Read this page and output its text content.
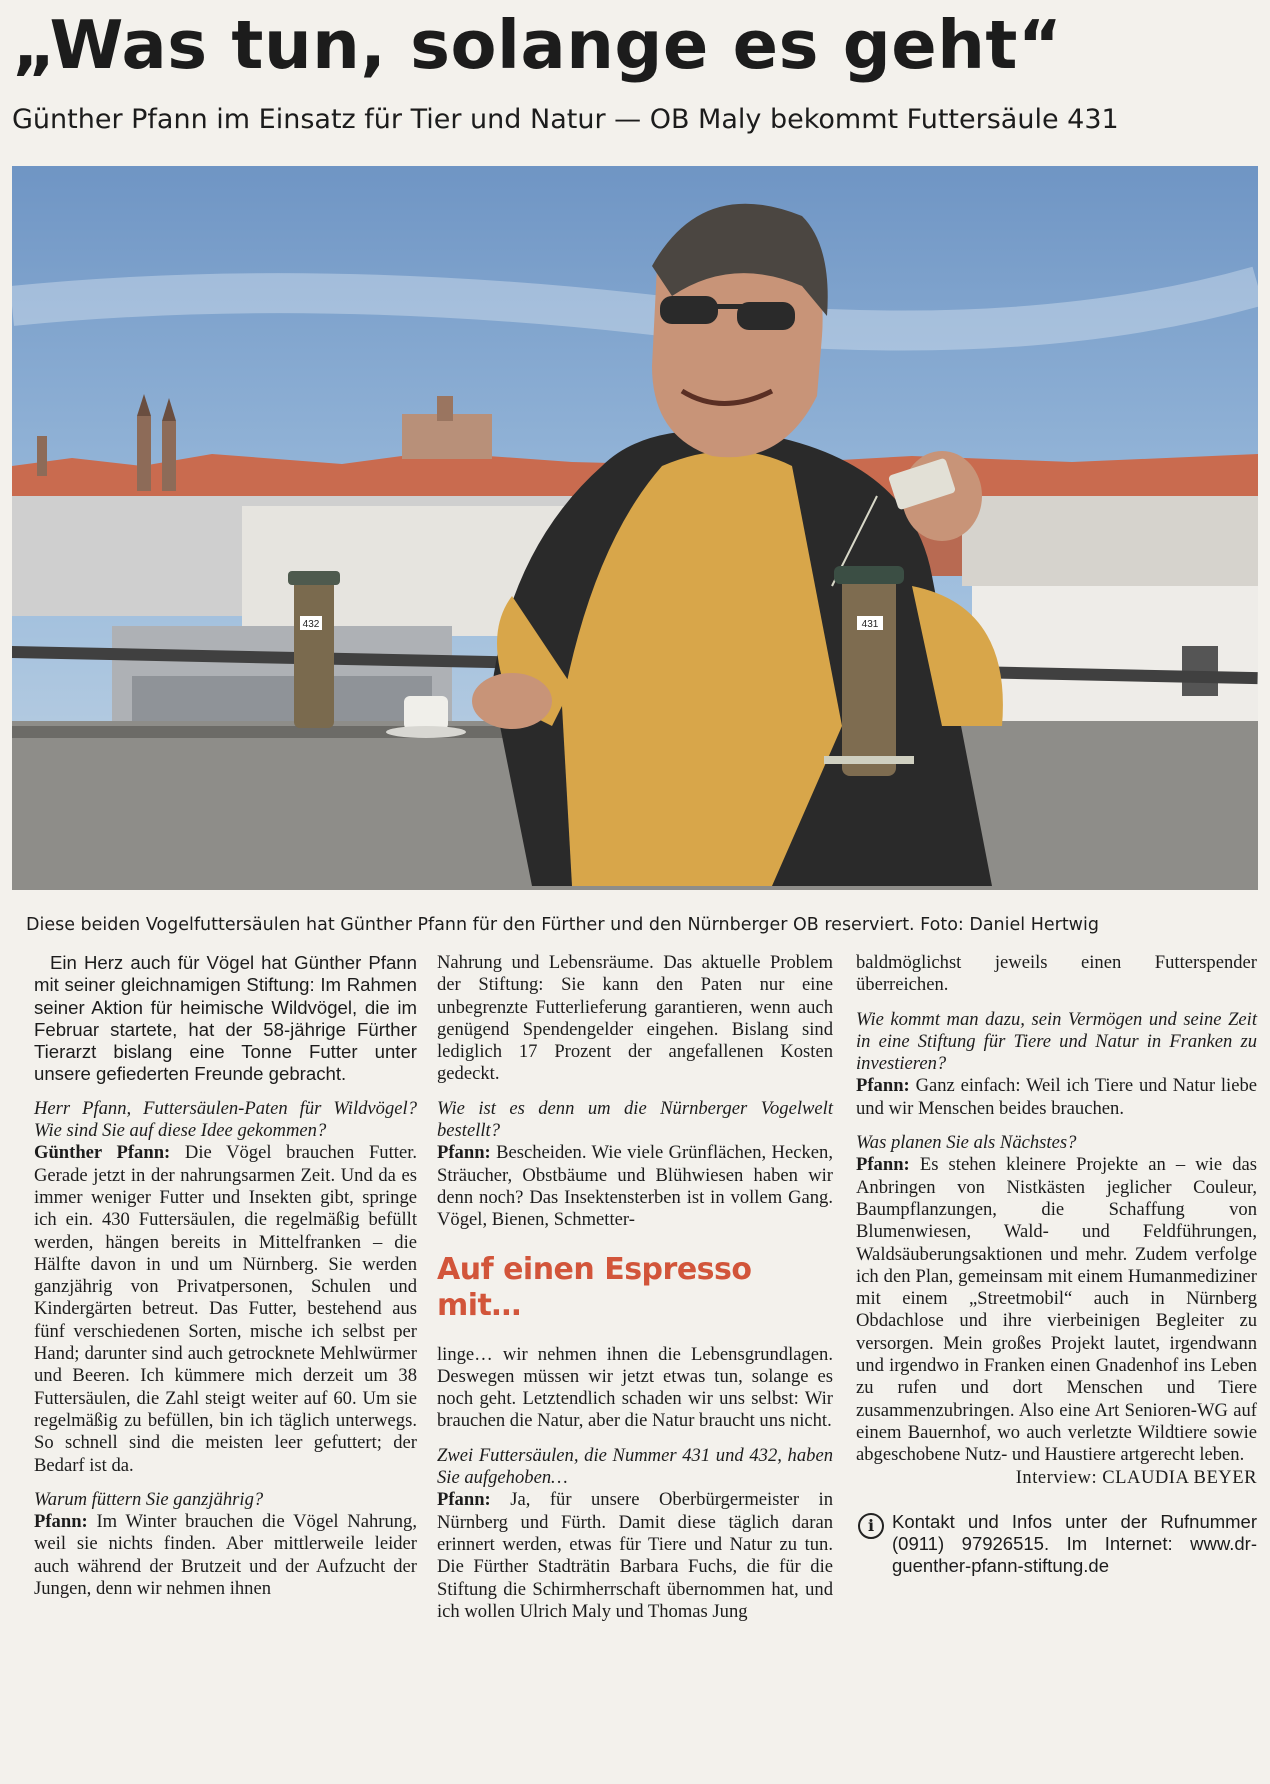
„Was tun, solange es geht“
Günther Pfann im Einsatz für Tier und Natur — OB Maly bekommt Futtersäule 431
432	431
Diese beiden Vogelfuttersäulen hat Günther Pfann für den Fürther und den Nürnberger OB reserviert. Foto: Daniel Hertwig

Ein Herz auch für Vögel hat Günther Pfann mit seiner gleichnamigen Stiftung: Im Rahmen seiner Aktion für heimische Wildvögel, die im Februar startete, hat der 58-jährige Fürther Tierarzt bislang eine Tonne Futter unter unsere gefiederten Freunde gebracht.

Herr Pfann, Futtersäulen-Paten für Wildvögel? Wie sind Sie auf diese Idee gekommen?

Günther Pfann: Die Vögel brauchen Futter. Gerade jetzt in der nahrungsarmen Zeit. Und da es immer weniger Futter und Insekten gibt, springe ich ein. 430 Futtersäulen, die regelmäßig befüllt werden, hängen bereits in Mittelfranken – die Hälfte davon in und um Nürnberg. Sie werden ganzjährig von Privatpersonen, Schulen und Kindergärten betreut. Das Futter, bestehend aus fünf verschiedenen Sorten, mische ich selbst per Hand; darunter sind auch getrocknete Mehlwürmer und Beeren. Ich kümmere mich derzeit um 38 Futtersäulen, die Zahl steigt weiter auf 60. Um sie regelmäßig zu befüllen, bin ich täglich unterwegs. So schnell sind die meisten leer gefuttert; der Bedarf ist da.

Warum füttern Sie ganzjährig?

Pfann: Im Winter brauchen die Vögel Nahrung, weil sie nichts finden. Aber mittlerweile leider auch während der Brutzeit und der Aufzucht der Jungen, denn wir nehmen ihnen

Nahrung und Lebensräume. Das aktuelle Problem der Stiftung: Sie kann den Paten nur eine unbegrenzte Futterlieferung garantieren, wenn auch genügend Spendengelder eingehen. Bislang sind lediglich 17 Prozent der angefallenen Kosten gedeckt.

Wie ist es denn um die Nürnberger Vogelwelt bestellt?

Pfann: Bescheiden. Wie viele Grünflächen, Hecken, Sträucher, Obstbäume und Blühwiesen haben wir denn noch? Das Insektensterben ist in vollem Gang. Vögel, Bienen, Schmetter-

Auf einen Espresso mit…

linge… wir nehmen ihnen die Lebensgrundlagen. Deswegen müssen wir jetzt etwas tun, solange es noch geht. Letztendlich schaden wir uns selbst: Wir brauchen die Natur, aber die Natur braucht uns nicht.

Zwei Futtersäulen, die Nummer 431 und 432, haben Sie aufgehoben…

Pfann: Ja, für unsere Oberbürgermeister in Nürnberg und Fürth. Damit diese täglich daran erinnert werden, etwas für Tiere und Natur zu tun. Die Fürther Stadträtin Barbara Fuchs, die für die Stiftung die Schirmherrschaft übernommen hat, und ich wollen Ulrich Maly und Thomas Jung

baldmöglichst jeweils einen Futterspender überreichen.

Wie kommt man dazu, sein Vermögen und seine Zeit in eine Stiftung für Tiere und Natur in Franken zu investieren?

Pfann: Ganz einfach: Weil ich Tiere und Natur liebe und wir Menschen beides brauchen.

Was planen Sie als Nächstes?

Pfann: Es stehen kleinere Projekte an – wie das Anbringen von Nistkästen jeglicher Couleur, Baumpflanzungen, die Schaffung von Blumenwiesen, Wald- und Feldführungen, Waldsäuberungsaktionen und mehr. Zudem verfolge ich den Plan, gemeinsam mit einem Humanmediziner mit einem „Streetmobil“ auch in Nürnberg Obdachlose und ihre vierbeinigen Begleiter zu versorgen. Mein großes Projekt lautet, irgendwann und irgendwo in Franken einen Gnadenhof ins Leben zu rufen und dort Menschen und Tiere zusammenzubringen. Also eine Art Senioren-WG auf einem Bauernhof, wo auch verletzte Wildtiere sowie abgeschobene Nutz- und Haustiere artgerecht leben.

Interview: CLAUDIA BEYER

i Kontakt und Infos unter der Rufnummer (0911) 97926515. Im Internet: www.dr-guenther-pfann-stiftung.de
